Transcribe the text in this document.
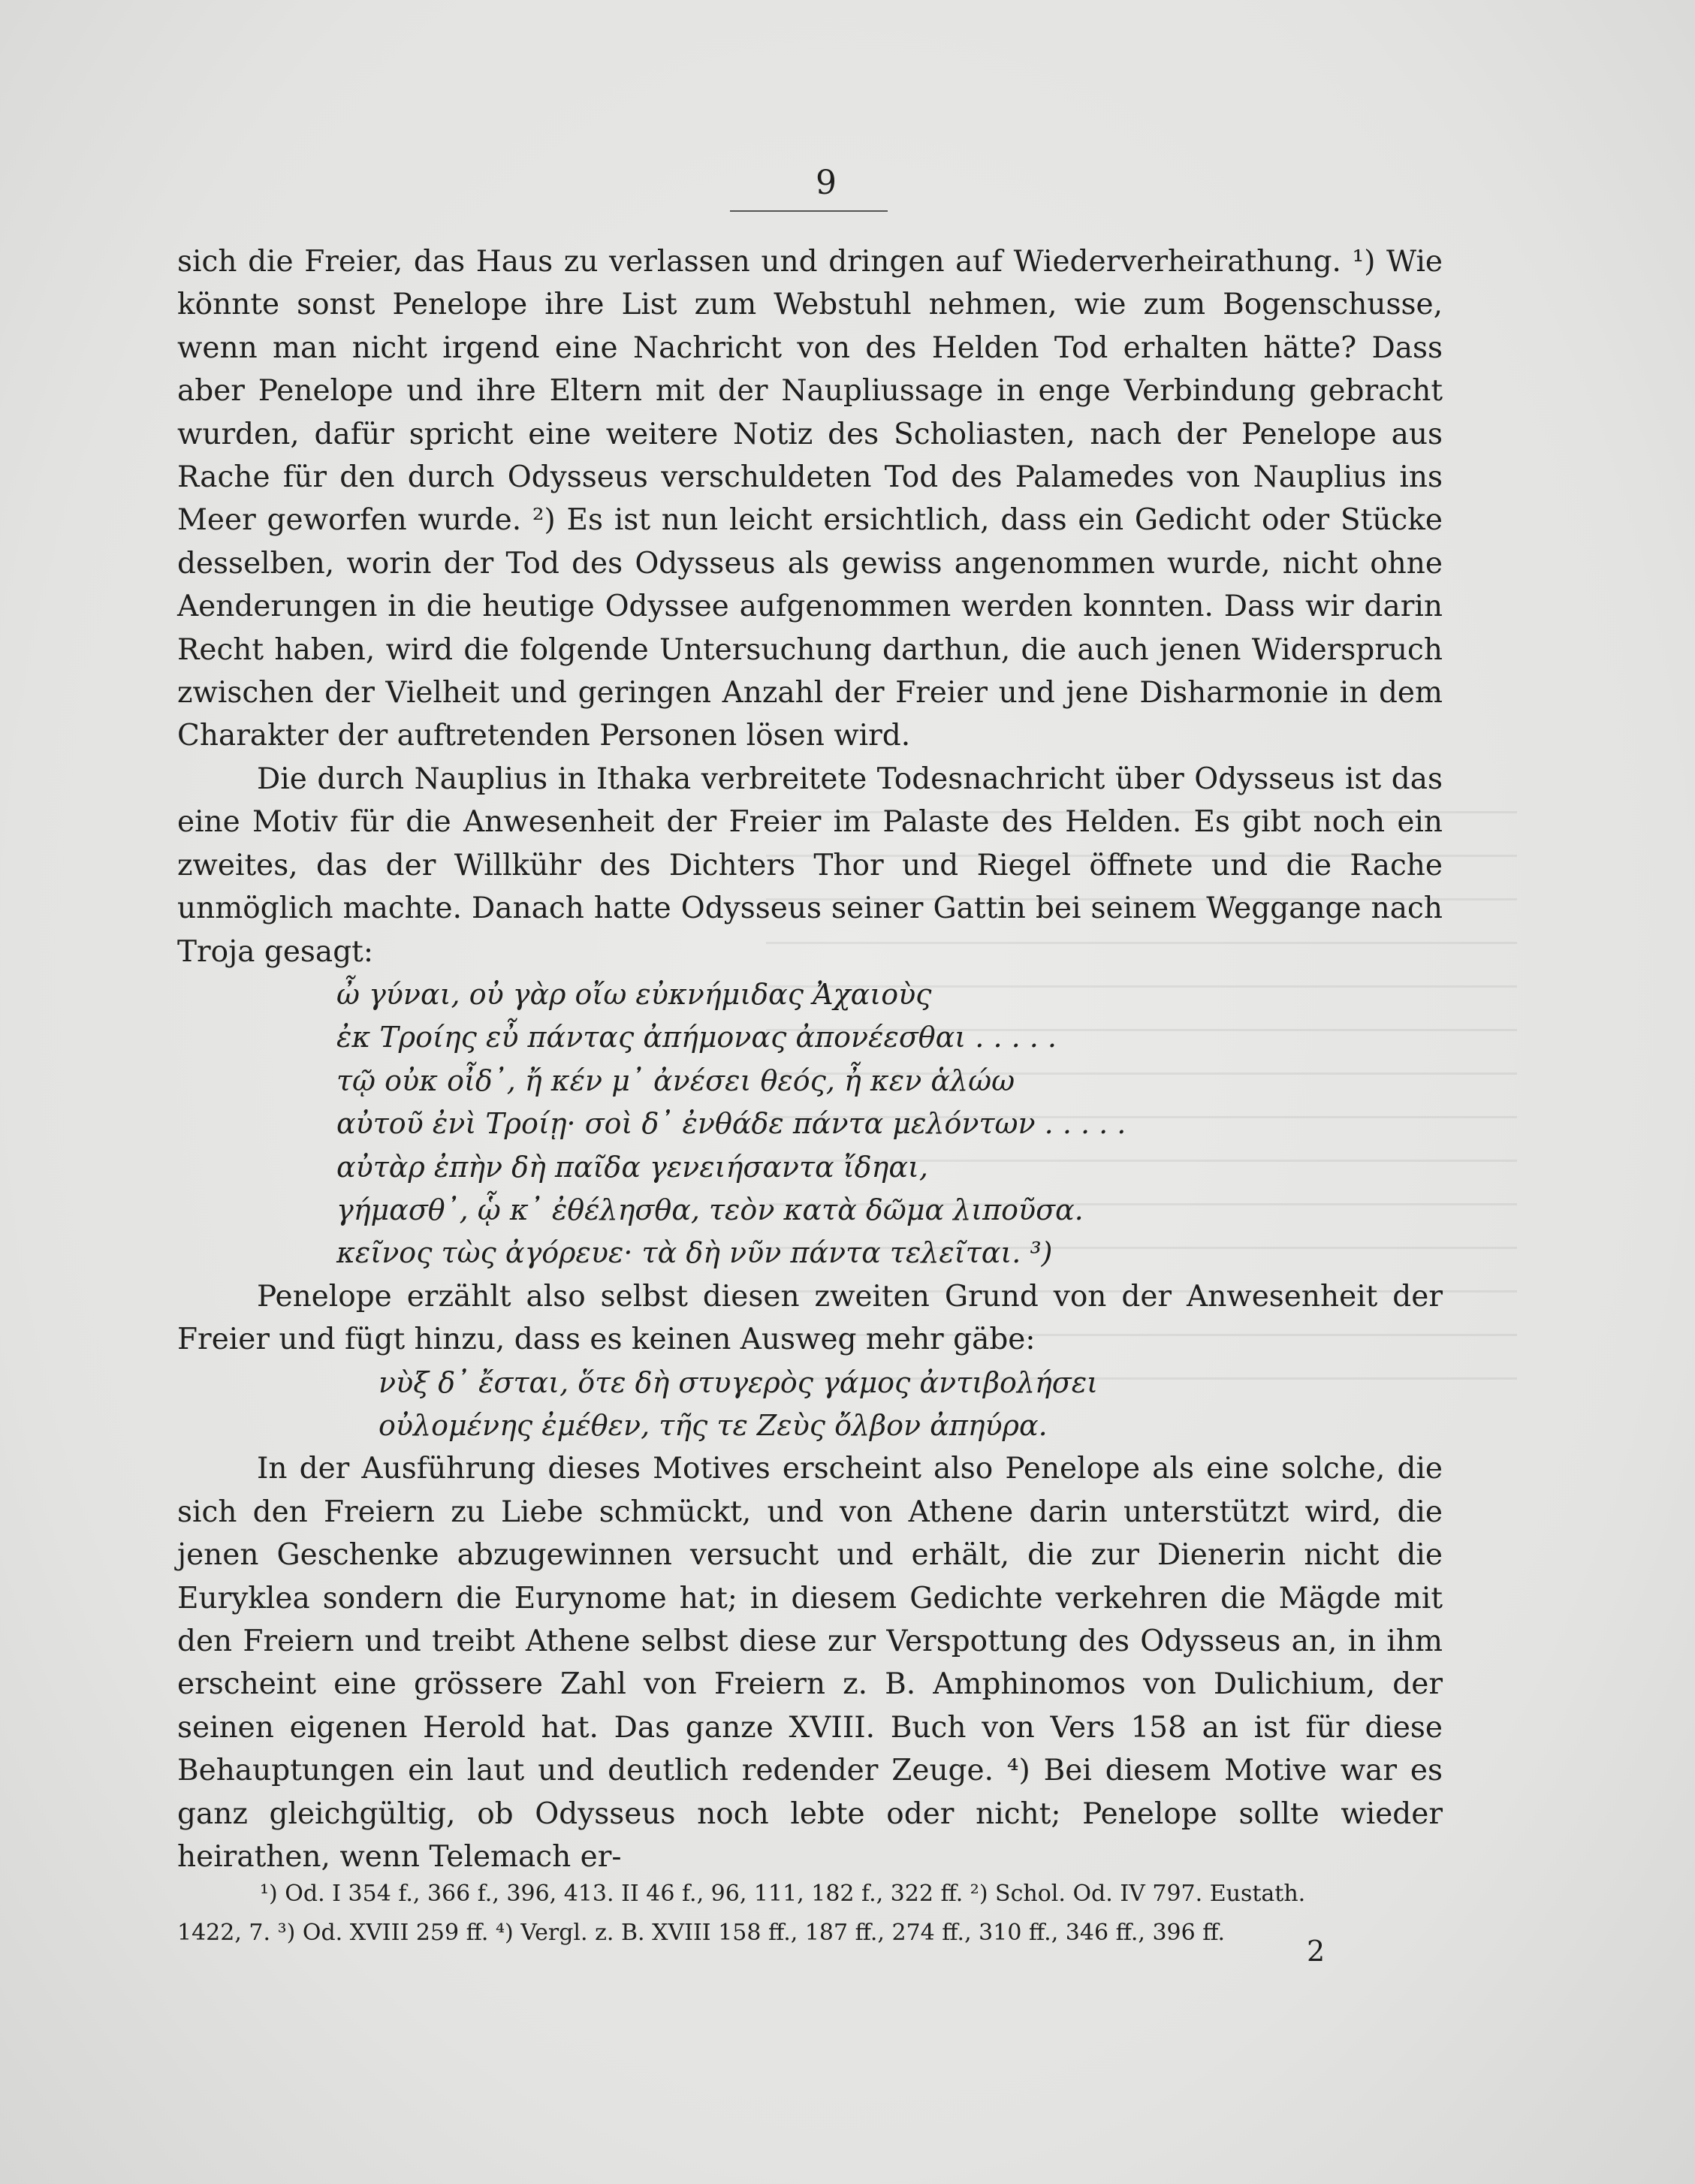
9

sich die Freier, das Haus zu verlassen und dringen auf Wiederverheirathung. ¹) Wie könnte sonst Penelope ihre List zum Webstuhl nehmen, wie zum Bogenschusse, wenn man nicht irgend eine Nachricht von des Helden Tod erhalten hätte? Dass aber Penelope und ihre Eltern mit der Naupliussage in enge Verbindung gebracht wurden, dafür spricht eine weitere Notiz des Scholiasten, nach der Penelope aus Rache für den durch Odysseus verschuldeten Tod des Palamedes von Nauplius ins Meer geworfen wurde. ²) Es ist nun leicht ersichtlich, dass ein Gedicht oder Stücke desselben, worin der Tod des Odysseus als gewiss angenommen wurde, nicht ohne Aenderungen in die heutige Odyssee aufgenommen werden konnten. Dass wir darin Recht haben, wird die folgende Untersuchung darthun, die auch jenen Widerspruch zwischen der Vielheit und geringen Anzahl der Freier und jene Disharmonie in dem Charakter der auftretenden Personen lösen wird.

Die durch Nauplius in Ithaka verbreitete Todesnachricht über Odysseus ist das eine Motiv für die Anwesenheit der Freier im Palaste des Helden. Es gibt noch ein zweites, das der Willkühr des Dichters Thor und Riegel öffnete und die Rache unmöglich machte. Danach hatte Odysseus seiner Gattin bei seinem Weggange nach Troja gesagt:

ὦ γύναι, οὐ γὰρ οἴω εὐκνήμιδας Ἀχαιοὺς
ἐκ Τροίης εὖ πάντας ἀπήμονας ἀπονέεσθαι . . . . .
τῷ οὐκ οἶδ᾽, ἤ κέν μ᾽ ἀνέσει θεός, ἦ κεν ἁλώω
αὐτοῦ ἐνὶ Τροίῃ· σοὶ δ᾽ ἐνθάδε πάντα μελόντων . . . . .
αὐτὰρ ἐπὴν δὴ παῖδα γενειήσαντα ἴδηαι,
γήμασθ᾽, ᾧ κ᾽ ἐθέλησθα, τεὸν κατὰ δῶμα λιποῦσα.
κεῖνος τὼς ἀγόρευε· τὰ δὴ νῦν πάντα τελεῖται. ³)

Penelope erzählt also selbst diesen zweiten Grund von der Anwesenheit der Freier und fügt hinzu, dass es keinen Ausweg mehr gäbe:

νὺξ δ᾽ ἔσται, ὅτε δὴ στυγερὸς γάμος ἀντιβολήσει
οὐλομένης ἐμέθεν, τῆς τε Ζεὺς ὄλβον ἀπηύρα.

In der Ausführung dieses Motives erscheint also Penelope als eine solche, die sich den Freiern zu Liebe schmückt, und von Athene darin unterstützt wird, die jenen Geschenke abzugewinnen versucht und erhält, die zur Dienerin nicht die Euryklea sondern die Eurynome hat; in diesem Gedichte verkehren die Mägde mit den Freiern und treibt Athene selbst diese zur Verspottung des Odysseus an, in ihm erscheint eine grössere Zahl von Freiern z. B. Amphinomos von Dulichium, der seinen eigenen Herold hat. Das ganze XVIII. Buch von Vers 158 an ist für diese Behauptungen ein laut und deutlich redender Zeuge. ⁴) Bei diesem Motive war es ganz gleichgültig, ob Odysseus noch lebte oder nicht; Penelope sollte wieder heirathen, wenn Telemach er-

¹) Od. I 354 f., 366 f., 396, 413. II 46 f., 96, 111, 182 f., 322 ff. ²) Schol. Od. IV 797. Eustath.
1422, 7. ³) Od. XVIII 259 ff. ⁴) Vergl. z. B. XVIII 158 ff., 187 ff., 274 ff., 310 ff., 346 ff., 396 ff.
2
